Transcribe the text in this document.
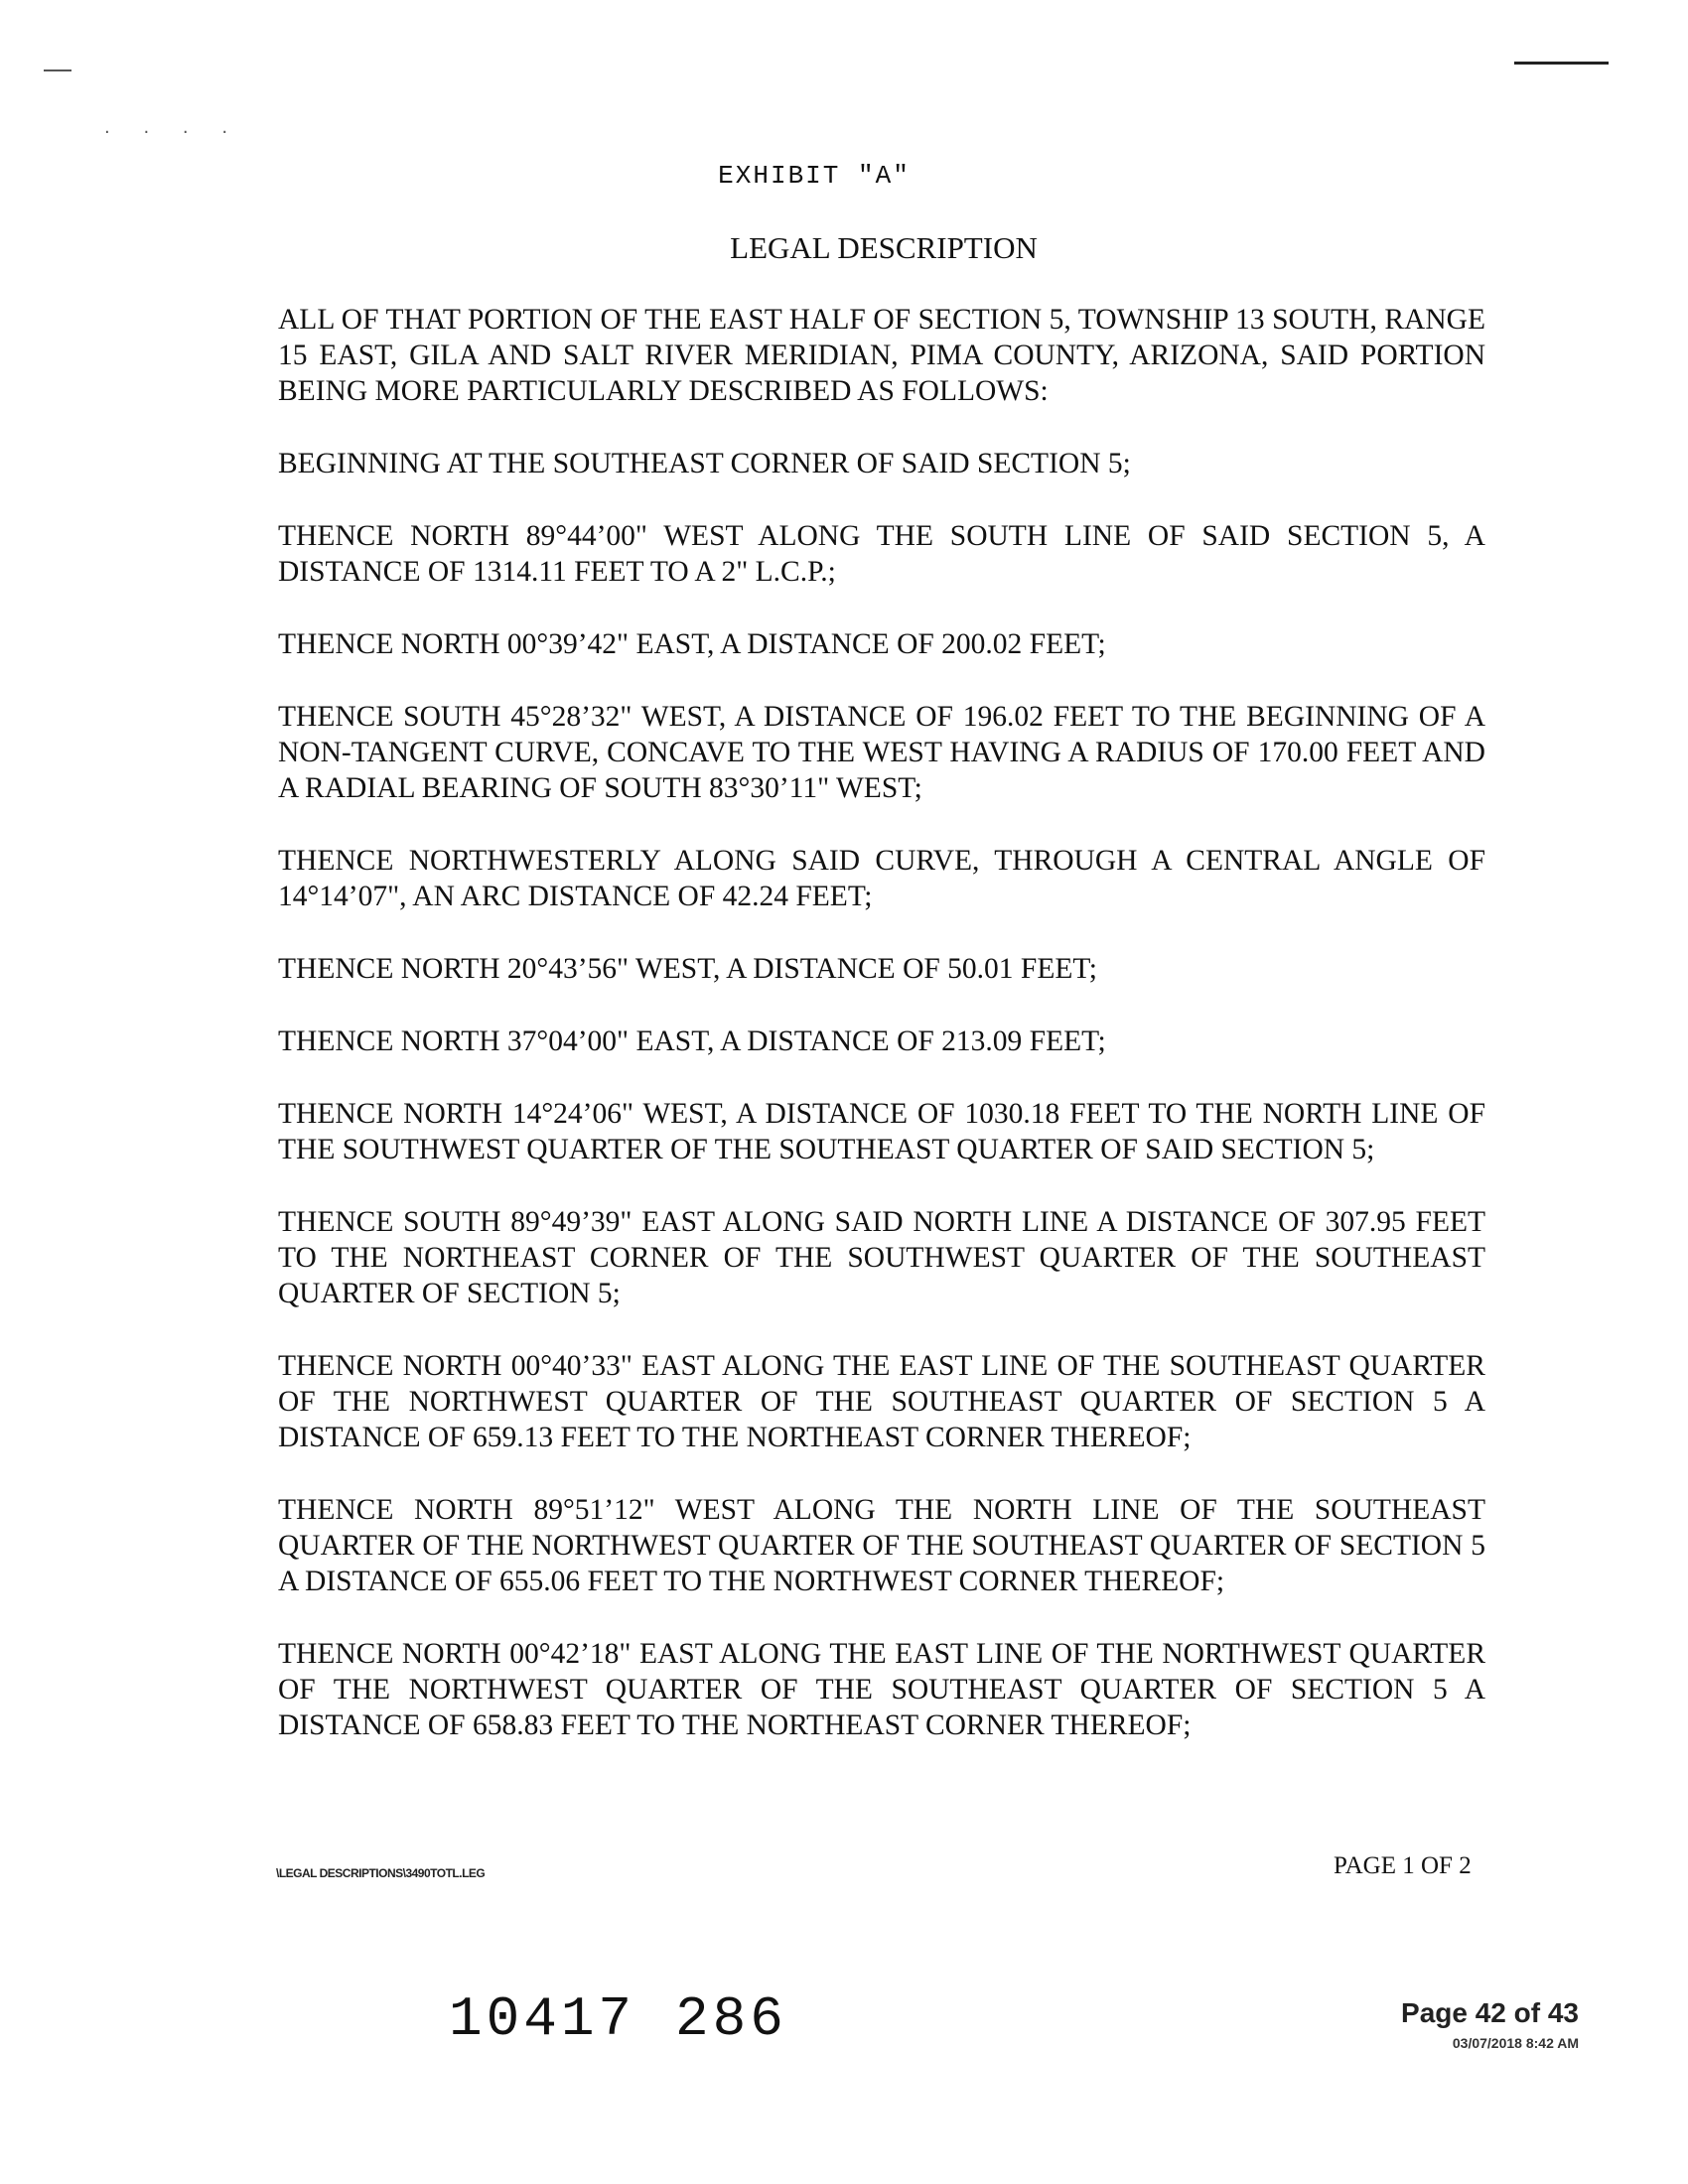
. . . .
EXHIBIT "A"
LEGAL DESCRIPTION

ALL OF THAT PORTION OF THE EAST HALF OF SECTION 5, TOWNSHIP 13 SOUTH, RANGE 15 EAST, GILA AND SALT RIVER MERIDIAN, PIMA COUNTY, ARIZONA, SAID PORTION BEING MORE PARTICULARLY DESCRIBED AS FOLLOWS:

BEGINNING AT THE SOUTHEAST CORNER OF SAID SECTION 5;

THENCE NORTH 89°44’00" WEST ALONG THE SOUTH LINE OF SAID SECTION 5, A DISTANCE OF 1314.11 FEET TO A 2" L.C.P.;

THENCE NORTH 00°39’42" EAST, A DISTANCE OF 200.02 FEET;

THENCE SOUTH 45°28’32" WEST, A DISTANCE OF 196.02 FEET TO THE BEGINNING OF A NON-TANGENT CURVE, CONCAVE TO THE WEST HAVING A RADIUS OF 170.00 FEET AND A RADIAL BEARING OF SOUTH 83°30’11" WEST;

THENCE NORTHWESTERLY ALONG SAID CURVE, THROUGH A CENTRAL ANGLE OF 14°14’07", AN ARC DISTANCE OF 42.24 FEET;

THENCE NORTH 20°43’56" WEST, A DISTANCE OF 50.01 FEET;

THENCE NORTH 37°04’00" EAST, A DISTANCE OF 213.09 FEET;

THENCE NORTH 14°24’06" WEST, A DISTANCE OF 1030.18 FEET TO THE NORTH LINE OF THE SOUTHWEST QUARTER OF THE SOUTHEAST QUARTER OF SAID SECTION 5;

THENCE SOUTH 89°49’39" EAST ALONG SAID NORTH LINE A DISTANCE OF 307.95 FEET TO THE NORTHEAST CORNER OF THE SOUTHWEST QUARTER OF THE SOUTHEAST QUARTER OF SECTION 5;

THENCE NORTH 00°40’33" EAST ALONG THE EAST LINE OF THE SOUTHEAST QUARTER OF THE NORTHWEST QUARTER OF THE SOUTHEAST QUARTER OF SECTION 5 A DISTANCE OF 659.13 FEET TO THE NORTHEAST CORNER THEREOF;

THENCE NORTH 89°51’12" WEST ALONG THE NORTH LINE OF THE SOUTHEAST QUARTER OF THE NORTHWEST QUARTER OF THE SOUTHEAST QUARTER OF SECTION 5 A DISTANCE OF 655.06 FEET TO THE NORTHWEST CORNER THEREOF;

THENCE NORTH 00°42’18" EAST ALONG THE EAST LINE OF THE NORTHWEST QUARTER OF THE NORTHWEST QUARTER OF THE SOUTHEAST QUARTER OF SECTION 5 A DISTANCE OF 658.83 FEET TO THE NORTHEAST CORNER THEREOF;

\LEGAL DESCRIPTIONS\3490TOTL.LEG	PAGE 1 OF 2
10417 286	Page 42 of 43
03/07/2018 8:42 AM
